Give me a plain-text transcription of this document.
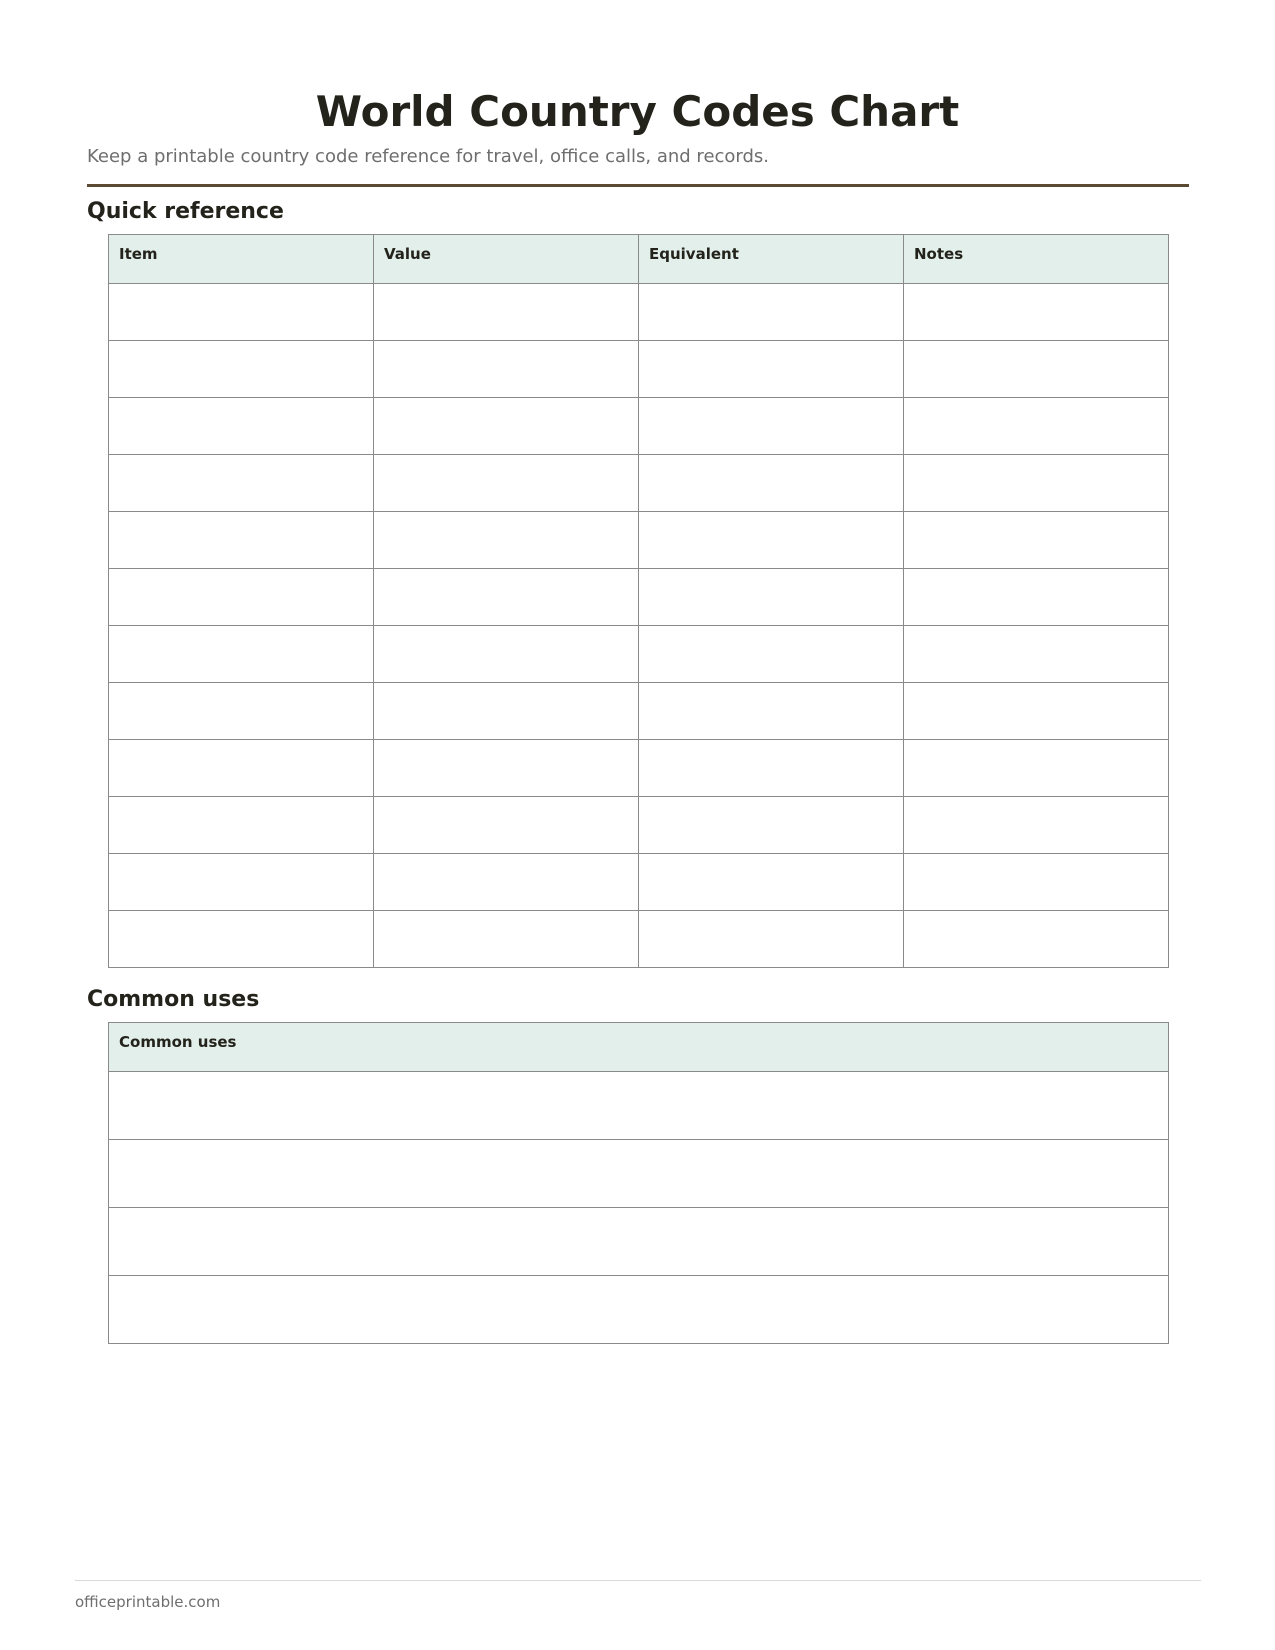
World Country Codes Chart

Keep a printable country code reference for travel, office calls, and records.

Quick reference
Item	Value	Equivalent	Notes

Common uses
Common uses

officeprintable.com
